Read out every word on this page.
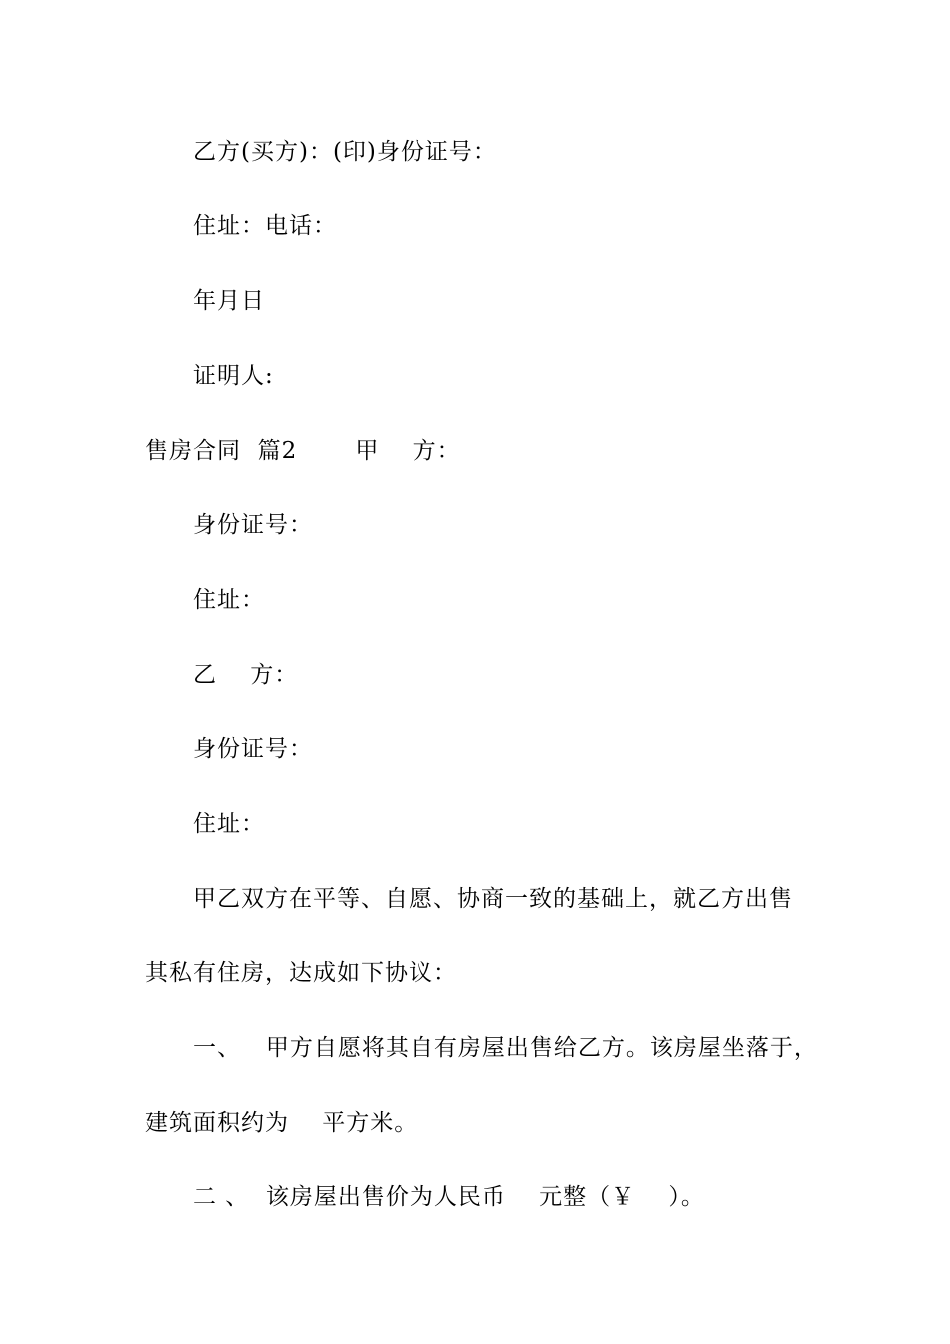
乙方(买方)：(印)身份证号：
住址：电话：
年月日
证明人:
售房合同  篇2       甲    方：
身份证号：
住址：
乙    方：
身份证号：
住址：
甲乙双方在平等、自愿、协商一致的基础上，就乙方出售
其私有住房，达成如下协议：
一、   甲方自愿将其自有房屋出售给乙方。该房屋坐落于，
建筑面积约为    平方米。
二 、  该房屋出售价为人民币    元整（￥    ）。
